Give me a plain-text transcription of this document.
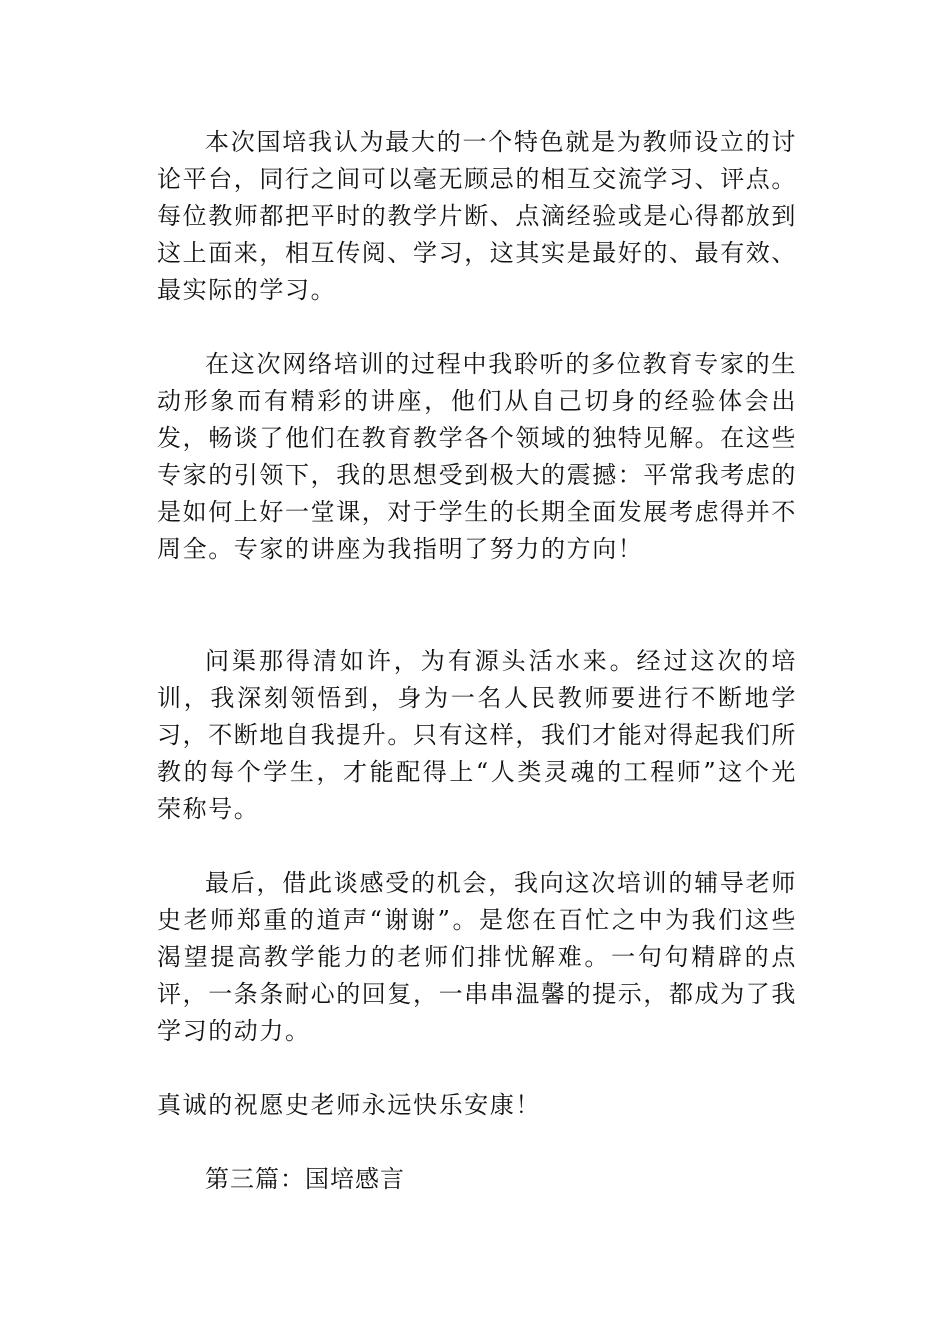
本次国培我认为最大的一个特色就是为教师设立的讨论平台，同行之间可以毫无顾忌的相互交流学习、评点。每位教师都把平时的教学片断、点滴经验或是心得都放到这上面来，相互传阅、学习，这其实是最好的、最有效、最实际的学习。

在这次网络培训的过程中我聆听的多位教育专家的生动形象而有精彩的讲座，他们从自己切身的经验体会出发，畅谈了他们在教育教学各个领域的独特见解。在这些专家的引领下，我的思想受到极大的震撼：平常我考虑的是如何上好一堂课，对于学生的长期全面发展考虑得并不周全。专家的讲座为我指明了努力的方向！

问渠那得清如许，为有源头活水来。经过这次的培训，我深刻领悟到，身为一名人民教师要进行不断地学习，不断地自我提升。只有这样，我们才能对得起我们所教的每个学生，才能配得上“人类灵魂的工程师”这个光荣称号。

最后，借此谈感受的机会，我向这次培训的辅导老师史老师郑重的道声“谢谢”。是您在百忙之中为我们这些渴望提高教学能力的老师们排忧解难。一句句精辟的点评，一条条耐心的回复，一串串温馨的提示，都成为了我学习的动力。

真诚的祝愿史老师永远快乐安康！

第三篇：国培感言
